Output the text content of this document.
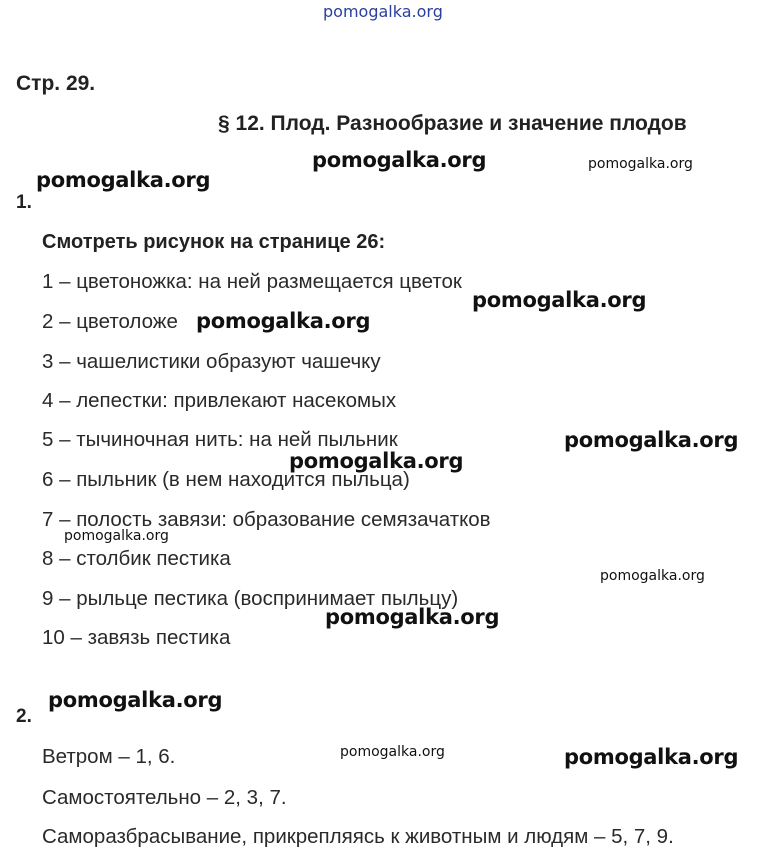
pomogalka.org
Стр. 29.
§ 12. Плод. Разнообразие и значение плодов
1.
Смотреть рисунок на странице 26:
1 – цветоножка: на ней размещается цветок
2 – цветоложе
3 – чашелистики образуют чашечку
4 – лепестки: привлекают насекомых
5 – тычиночная нить: на ней пыльник
6 – пыльник (в нем находится пыльца)
7 – полость завязи: образование семязачатков
8 – столбик пестика
9 – рыльце пестика (воспринимает пыльцу)
10 – завязь пестика
2.
Ветром – 1, 6.
Самостоятельно – 2, 3, 7.
Саморазбрасывание, прикрепляясь к животным и людям – 5, 7, 9.
pomogalka.org	pomogalka.org
pomogalka.org
pomogalka.org
pomogalka.org
pomogalka.org
pomogalka.org
pomogalka.org
pomogalka.org
pomogalka.org
pomogalka.org
pomogalka.org	pomogalka.org
